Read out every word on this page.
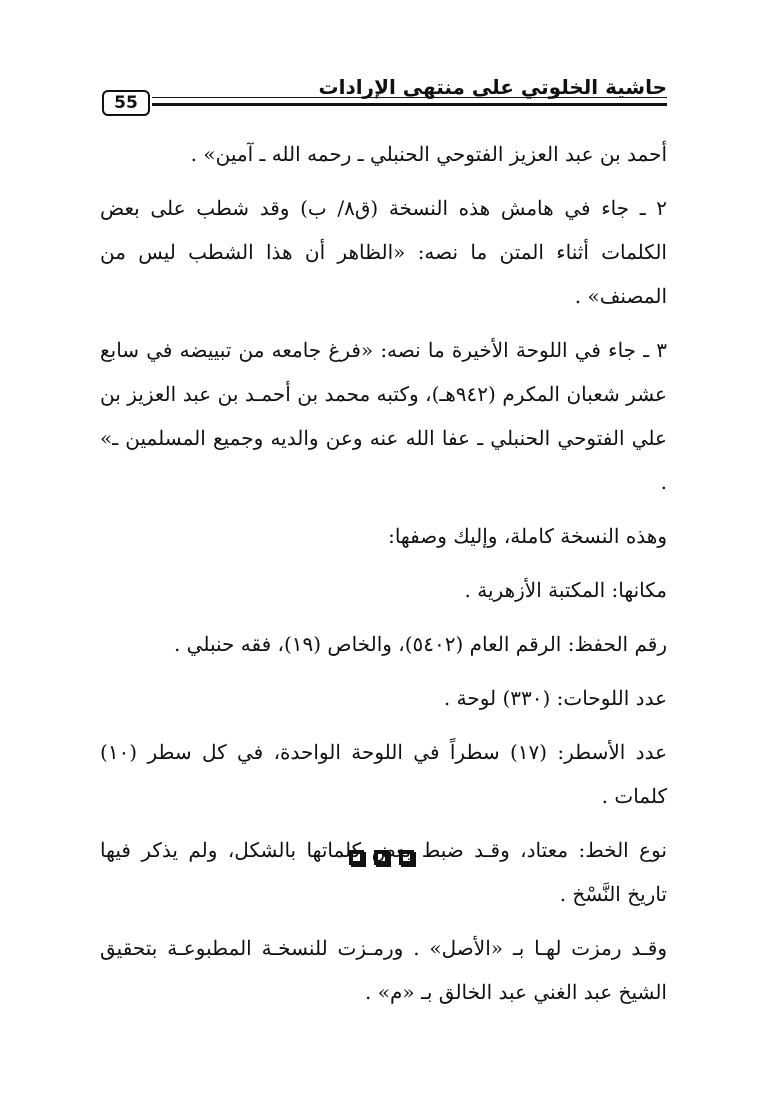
حاشية الخلوتي على منتهى الإرادات
55

أحمد بن عبد العزيز الفتوحي الحنبلي ـ رحمه الله ـ آمين» .

٢ ـ جاء في هامش هذه النسخة (ق٨/ ب) وقد شطب على بعض الكلمات أثناء المتن ما نصه: «الظاهر أن هذا الشطب ليس من المصنف» .

٣ ـ جاء في اللوحة الأخيرة ما نصه: «فرغ جامعه من تبييضه في سابع عشر شعبان المكرم (٩٤٢هـ)، وكتبه محمد بن أحمـد بن عبد العزيز بن علي الفتوحي الحنبلي ـ عفا الله عنه وعن والديه وجميع المسلمين ـ» .

وهذه النسخة كاملة، وإليك وصفها:

مكانها: المكتبة الأزهرية .

رقم الحفظ: الرقم العام (٥٤٠٢)، والخاص (١٩)، فقه حنبلي .

عدد اللوحات: (٣٣٠) لوحة .

عدد الأسطر: (١٧) سطراً في اللوحة الواحدة، في كل سطر (١٠) كلمات .

نوع الخط: معتاد، وقـد ضبط بعض كلماتها بالشكل، ولم يذكر فيها تاريخ النَّسْخ .

وقـد رمزت لهـا بـ «الأصل» . ورمـزت للنسخـة المطبوعـة بتحقيق الشيخ عبد الغني عبد الخالق بـ «م» .
